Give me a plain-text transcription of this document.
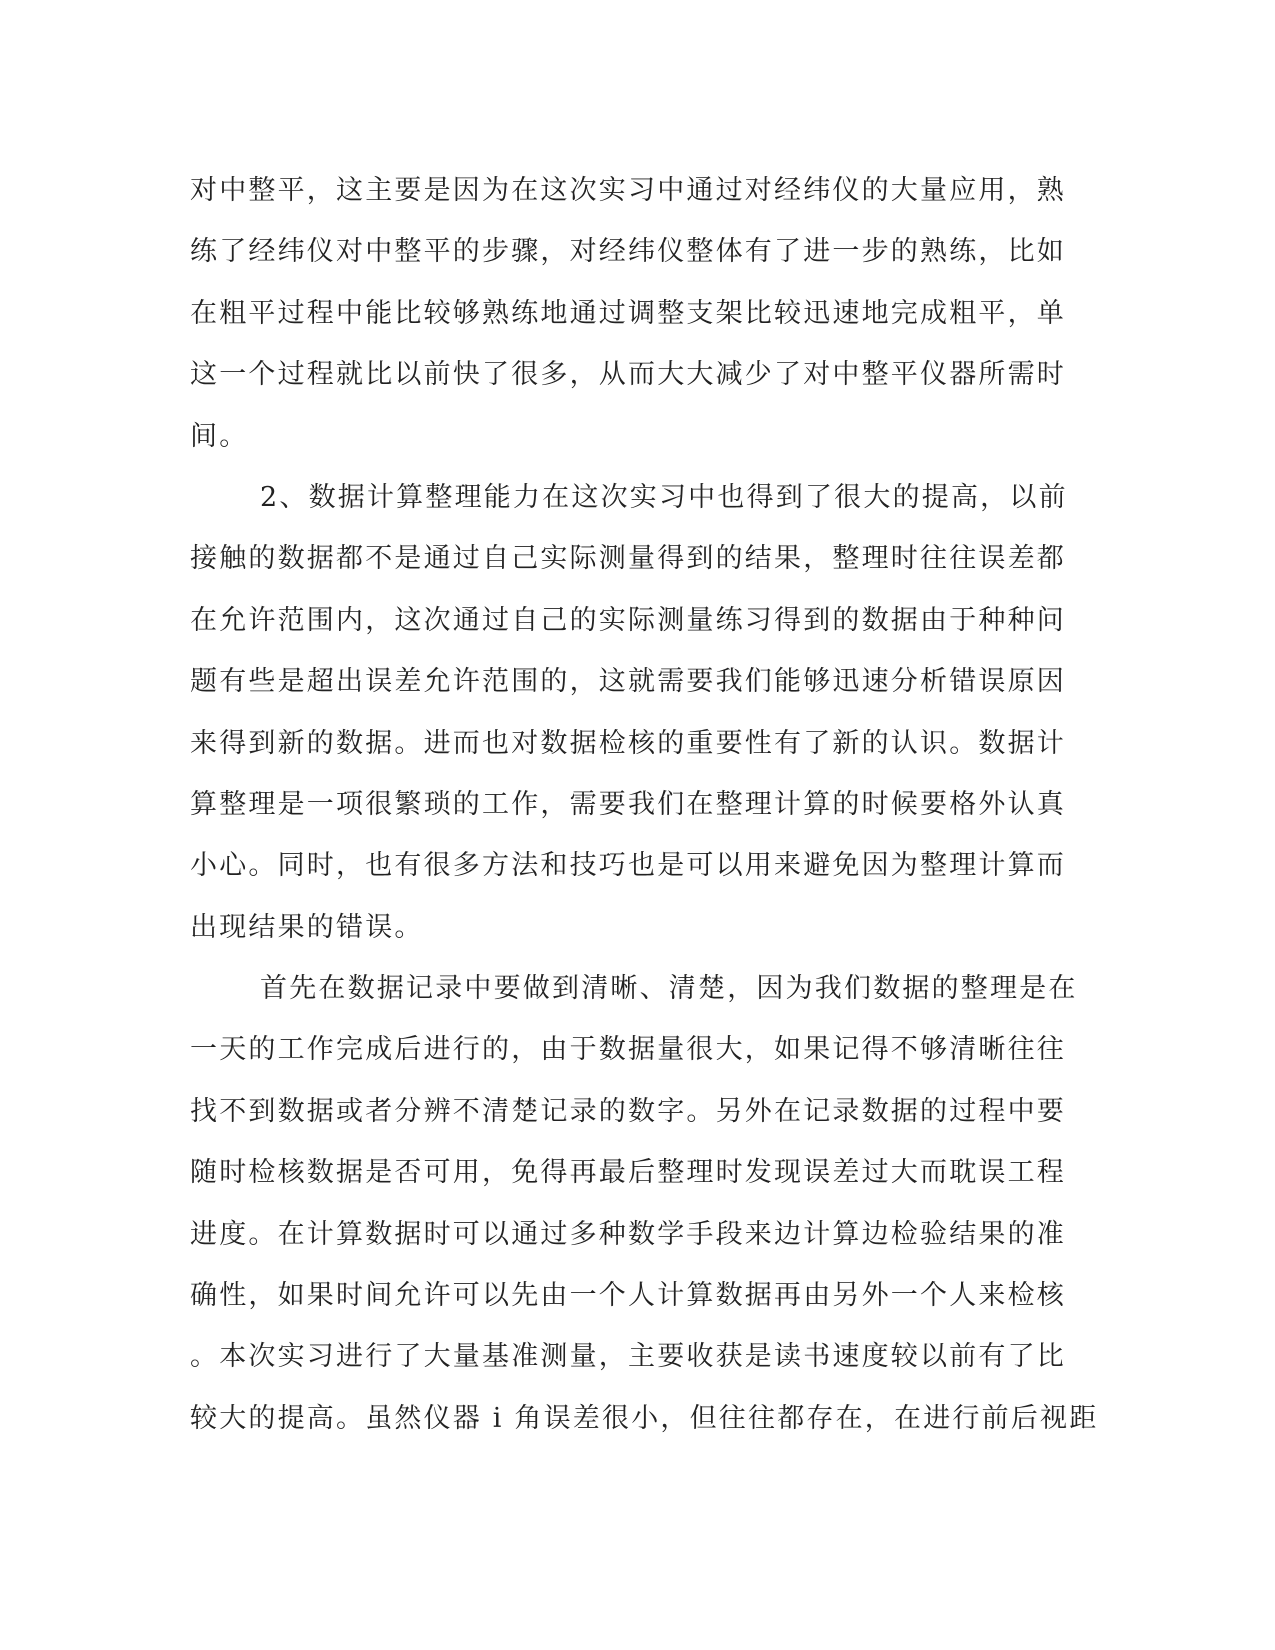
对中整平，这主要是因为在这次实习中通过对经纬仪的大量应用，熟
练了经纬仪对中整平的步骤，对经纬仪整体有了进一步的熟练，比如
在粗平过程中能比较够熟练地通过调整支架比较迅速地完成粗平，单
这一个过程就比以前快了很多，从而大大减少了对中整平仪器所需时
间。
2、数据计算整理能力在这次实习中也得到了很大的提高，以前
接触的数据都不是通过自己实际测量得到的结果，整理时往往误差都
在允许范围内，这次通过自己的实际测量练习得到的数据由于种种问
题有些是超出误差允许范围的，这就需要我们能够迅速分析错误原因
来得到新的数据。进而也对数据检核的重要性有了新的认识。数据计
算整理是一项很繁琐的工作，需要我们在整理计算的时候要格外认真
小心。同时，也有很多方法和技巧也是可以用来避免因为整理计算而
出现结果的错误。
首先在数据记录中要做到清晰、清楚，因为我们数据的整理是在
一天的工作完成后进行的，由于数据量很大，如果记得不够清晰往往
找不到数据或者分辨不清楚记录的数字。另外在记录数据的过程中要
随时检核数据是否可用，免得再最后整理时发现误差过大而耽误工程
进度。在计算数据时可以通过多种数学手段来边计算边检验结果的准
确性，如果时间允许可以先由一个人计算数据再由另外一个人来检核
。本次实习进行了大量基准测量，主要收获是读书速度较以前有了比
较大的提高。虽然仪器 i 角误差很小，但往往都存在，在进行前后视距
